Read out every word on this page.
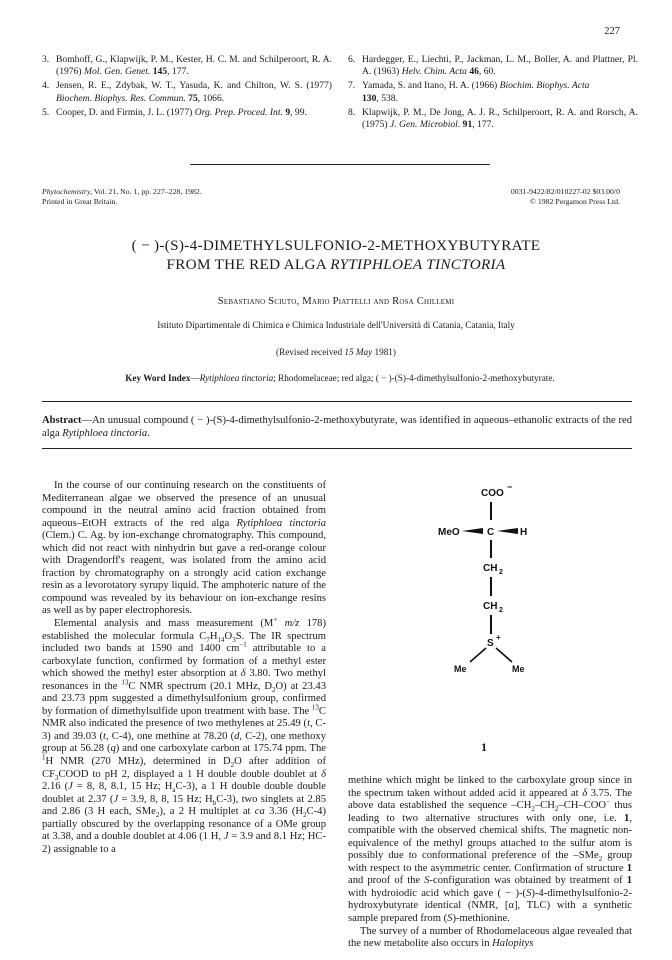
227
3. Bomhoff, G., Klapwijk, P. M., Kester, H. C. M. and Schilperoort, R. A. (1976) Mol. Gen. Genet. 145, 177.
4. Jensen, R. E., Zdybak, W. T., Yasuda, K. and Chilton, W. S. (1977) Biochem. Biophys. Res. Commun. 75, 1066.
5. Cooper, D. and Firmin, J. L. (1977) Org. Prep. Proced. Int. 9, 99.
6. Hardegger, E., Liechti, P., Jackman, L. M., Boller, A. and Plattner, Pl. A. (1963) Helv. Chim. Acta 46, 60.
7. Yamada, S. and Itano, H. A. (1966) Biochim. Biophys. Acta
130, 538.
8. Klapwijk, P. M., De Jong, A. J. R., Schilperoort, R. A. and Rorsch, A. (1975) J. Gen. Microbiol. 91, 177.
Phytochemistry, Vol. 21, No. 1, pp. 227–228, 1982.
Printed in Great Britain.
0031-9422/82/010227-02 $03.00/0
© 1982 Pergamon Press Ltd.
( − )-(S)-4-DIMETHYLSULFONIO-2-METHOXYBUTYRATE
FROM THE RED ALGA RYTIPHLOEA TINCTORIA
Sebastiano Sciuto, Mario Piattelli and Rosa Chillemi
Istituto Dipartimentale di Chimica e Chimica Industriale dell'Università di Catania, Catania, Italy
(Revised received 15 May 1981)
Key Word Index—Rytiphloea tinctoria; Rhodomelaceae; red alga; ( − )-(S)-4-dimethylsulfonio-2-methoxybutyrate.
Abstract—An unusual compound ( − )-(S)-4-dimethylsulfonio-2-methoxybutyrate, was identified in aqueous–ethanolic extracts of the red alga Rytiphloea tinctoria.

In the course of our continuing research on the constituents of Mediterranean algae we observed the presence of an unusual compound in the neutral amino acid fraction obtained from aqueous–EtOH extracts of the red alga Rytiphloea tinctoria (Clem.) C. Ag. by ion-exchange chromatography. This compound, which did not react with ninhydrin but gave a red-orange colour with Dragendorff's reagent, was isolated from the amino acid fraction by chromatography on a strongly acid cation exchange resin as a levorotatory syrupy liquid. The amphoteric nature of the compound was revealed by its behaviour on ion-exchange resins as well as by paper electrophoresis.

Elemental analysis and mass measurement (M+ m/z 178) established the molecular formula $C_7H_{14}O_3S$. The IR spectrum included two bands at 1590 and 1400 $cm^{-1}$ attributable to a carboxylate function, confirmed by formation of a methyl ester which showed the methyl ester absorption at δ 3.80. Two methyl resonances in the $^{13}$C NMR spectrum (20.1 MHz, $D_2O$) at 23.43 and 23.73 ppm suggested a dimethylsulfonium group, confirmed by formation of dimethylsulfide upon treatment with base. The $^{13}$C NMR also indicated the presence of two methylenes at 25.49 (t, C-3) and 39.03 (t, C-4), one methine at 78.20 (d, C-2), one methoxy group at 56.28 (q) and one carboxylate carbon at 175.74 ppm. The $^1$H NMR (270 MHz), determined in $D_2O$ after addition of $CF_3COOD$ to pH 2, displayed a 1 H double double doublet at δ 2.16 (J = 8, 8, 8.1, 15 Hz; $H_aC-3$), a 1 H double double double doublet at 2.37 (J = 3.9, 8, 8, 15 Hz; $H_bC-3$), two singlets at 2.85 and 2.86 (3 H each, SMe$_2$), a 2 H multiplet at ca 3.36 $(H_2C-4)$ partially obscured by the overlapping resonance of a OMe group at 3.38, and a double doublet at 4.06 (1 H, J = 3.9 and 8.1 Hz; HC-2) assignable to a

COO
−
MeO	C	H
CH 2
CH 2
S
+
Me	Me
1

methine which might be linked to the carboxylate group since in the spectrum taken without added acid it appeared at δ 3.75. The above data established the sequence $-CH_2-CH_2-CH-COO^-$ thus leading to two alternative structures with only one, i.e. 1, compatible with the observed chemical shifts. The magnetic non-equivalence of the methyl groups attached to the sulfur atom is possibly due to conformational preference of the –SMe$_2$ group with respect to the asymmetric center. Confirmation of structure 1 and proof of the S-configuration was obtained by treatment of 1 with hydroiodic acid which gave ( − )-(S)-4-dimethylsulfonio-2-hydroxybutyrate identical (NMR, [α], TLC) with a synthetic sample prepared from (S)-methionine.

The survey of a number of Rhodomelaceous algae revealed that the new metabolite also occurs in Halopitys
